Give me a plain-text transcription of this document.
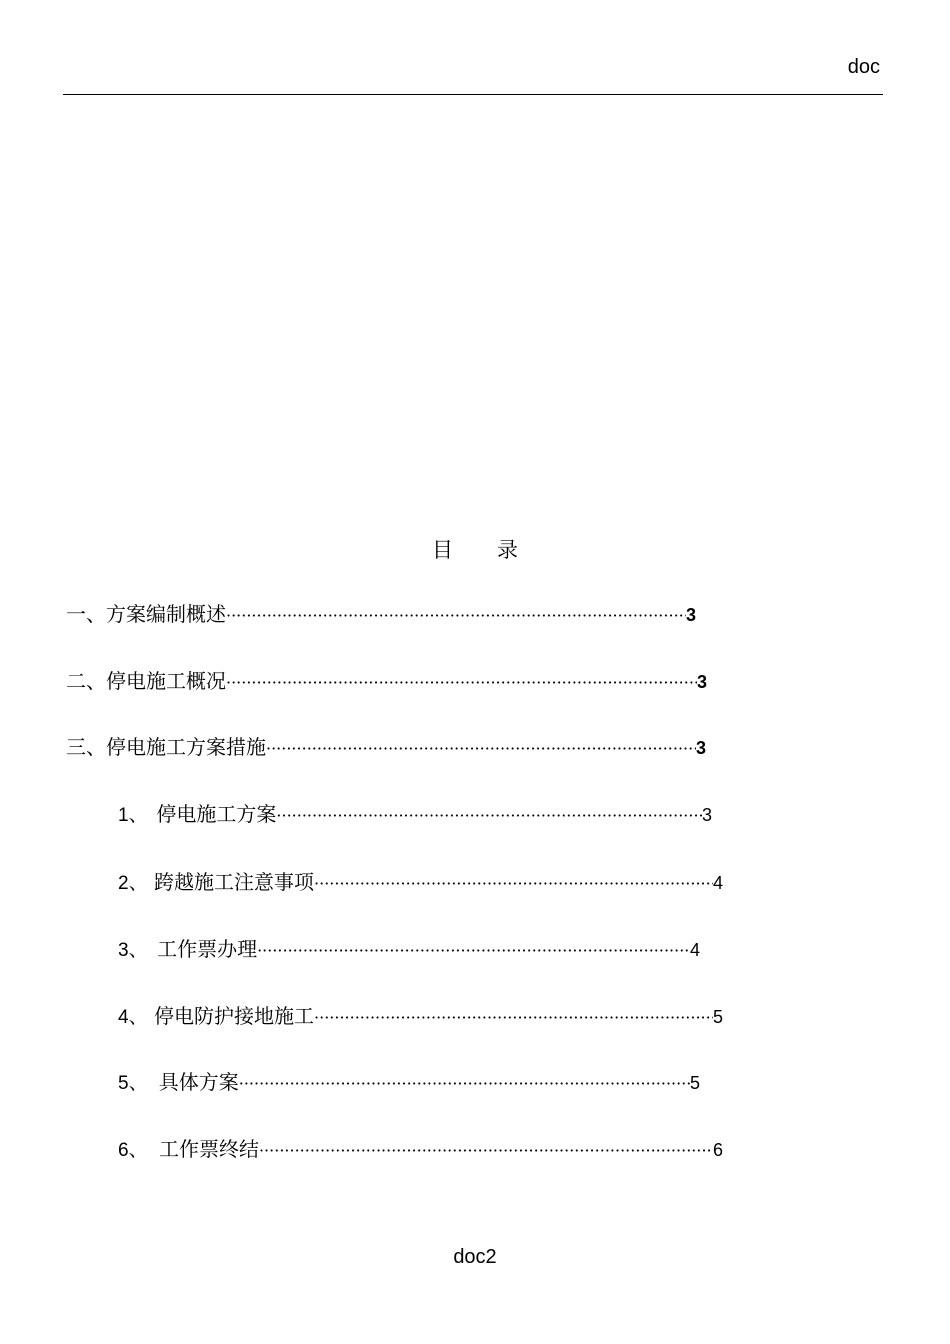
doc
目 录
一、方案编制概述 ·····	3
二、停电施工概况 ·····	3
三、停电施工方案措施 ·····	3
1、 停电施工方案 ·····	3
2、 跨越施工注意事项 ·····	4
3、 工作票办理 ·····	4
4、 停电防护接地施工 ·····	5
5、 具体方案 ·····	5
6、 工作票终结 ·····	6
doc2
